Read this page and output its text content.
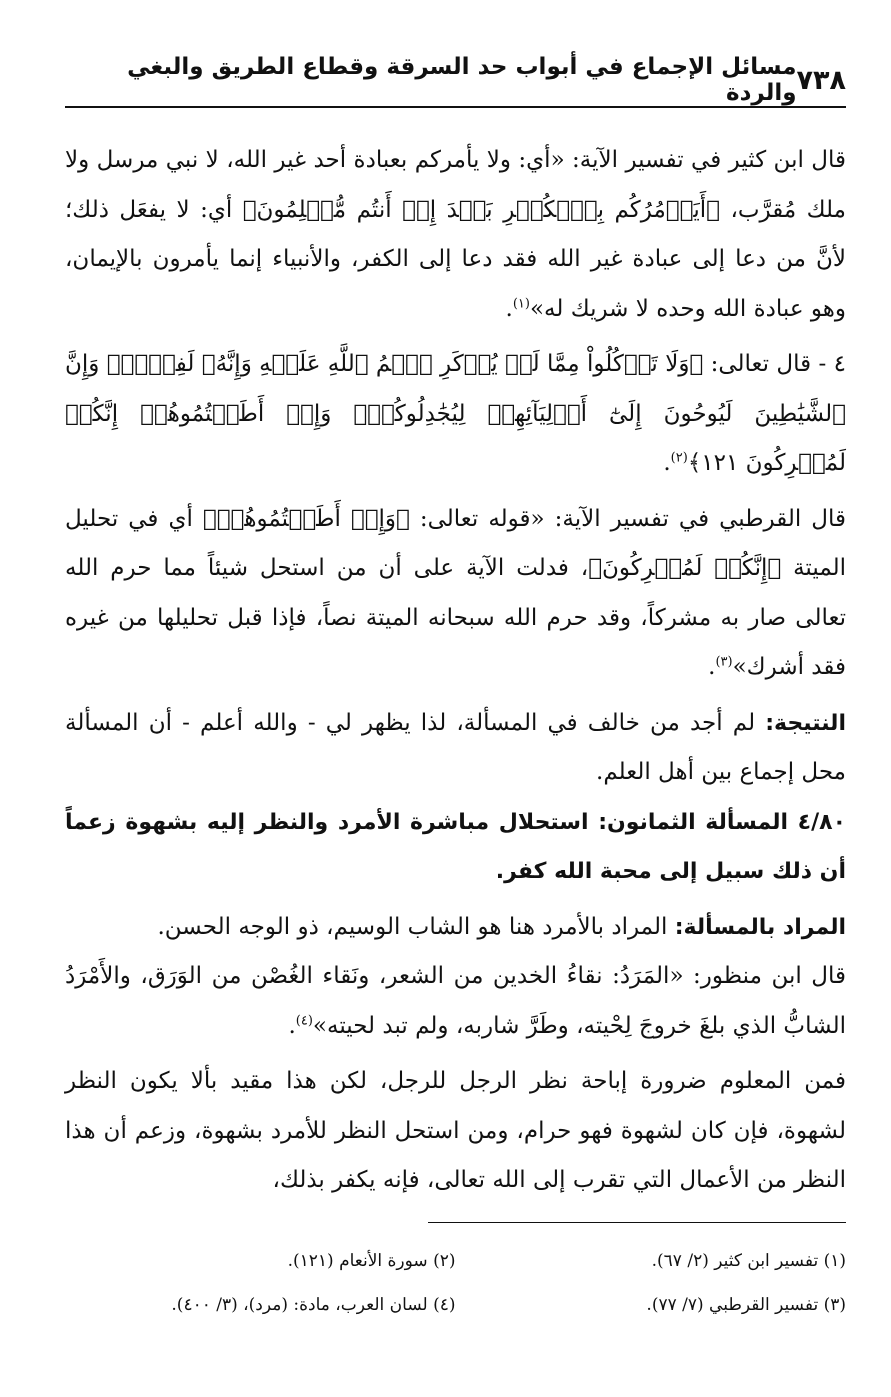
٧٣٨
مسائل الإجماع في أبواب حد السرقة وقطاع الطريق والبغي والردة

قال ابن كثير في تفسير الآية: «أي: ولا يأمركم بعبادة أحد غير الله، لا نبي مرسل ولا ملك مُقرَّب، ﴿أَيَأۡمُرُكُم بِٱلۡكُفۡرِ بَعۡدَ إِذۡ أَنتُم مُّسۡلِمُونَ﴾ أي: لا يفعَل ذلك؛ لأنَّ من دعا إلى عبادة غير الله فقد دعا إلى الكفر، والأنبياء إنما يأمرون بالإيمان، وهو عبادة الله وحده لا شريك له»$^{(١)}$.

٤ - قال تعالى: ﴿وَلَا تَأۡكُلُواْ مِمَّا لَمۡ يُذۡكَرِ ٱسۡمُ ٱللَّهِ عَلَيۡهِ وَإِنَّهُۥ لَفِسۡقٞۗ وَإِنَّ ٱلشَّيَٰطِينَ لَيُوحُونَ إِلَىٰٓ أَوۡلِيَآئِهِمۡ لِيُجَٰدِلُوكُمۡۖ وَإِنۡ أَطَعۡتُمُوهُمۡ إِنَّكُمۡ لَمُشۡرِكُونَ ١٢١﴾$^{(٢)}$.

قال القرطبي في تفسير الآية: «قوله تعالى: ﴿وَإِنۡ أَطَعۡتُمُوهُمۡ﴾ أي في تحليل الميتة ﴿إِنَّكُمۡ لَمُشۡرِكُونَ﴾، فدلت الآية على أن من استحل شيئاً مما حرم الله تعالى صار به مشركاً، وقد حرم الله سبحانه الميتة نصاً، فإذا قبل تحليلها من غيره فقد أشرك»$^{(٣)}$.

النتيجة: لم أجد من خالف في المسألة، لذا يظهر لي - والله أعلم - أن المسألة محل إجماع بين أهل العلم.

٤/٨٠ المسألة الثمانون: استحلال مباشرة الأمرد والنظر إليه بشهوة زعماً أن ذلك سبيل إلى محبة الله كفر.

المراد بالمسألة: المراد بالأمرد هنا هو الشاب الوسيم، ذو الوجه الحسن.

قال ابن منظور: «المَرَدُ: نقاءُ الخدين من الشعر، ونَقاء الغُصْن من الوَرَق، والأَمْرَدُ الشابُّ الذي بلغَ خروجَ لِحْيته، وطَرَّ شاربه، ولم تبد لحيته»$^{(٤)}$.

فمن المعلوم ضرورة إباحة نظر الرجل للرجل، لكن هذا مقيد بألا يكون النظر لشهوة، فإن كان لشهوة فهو حرام، ومن استحل النظر للأمرد بشهوة، وزعم أن هذا النظر من الأعمال التي تقرب إلى الله تعالى، فإنه يكفر بذلك،

(١) تفسير ابن كثير (٢/ ٦٧).
(٢) سورة الأنعام (١٢١).
(٣) تفسير القرطبي (٧/ ٧٧).
(٤) لسان العرب، مادة: (مرد)، (٣/ ٤٠٠).
